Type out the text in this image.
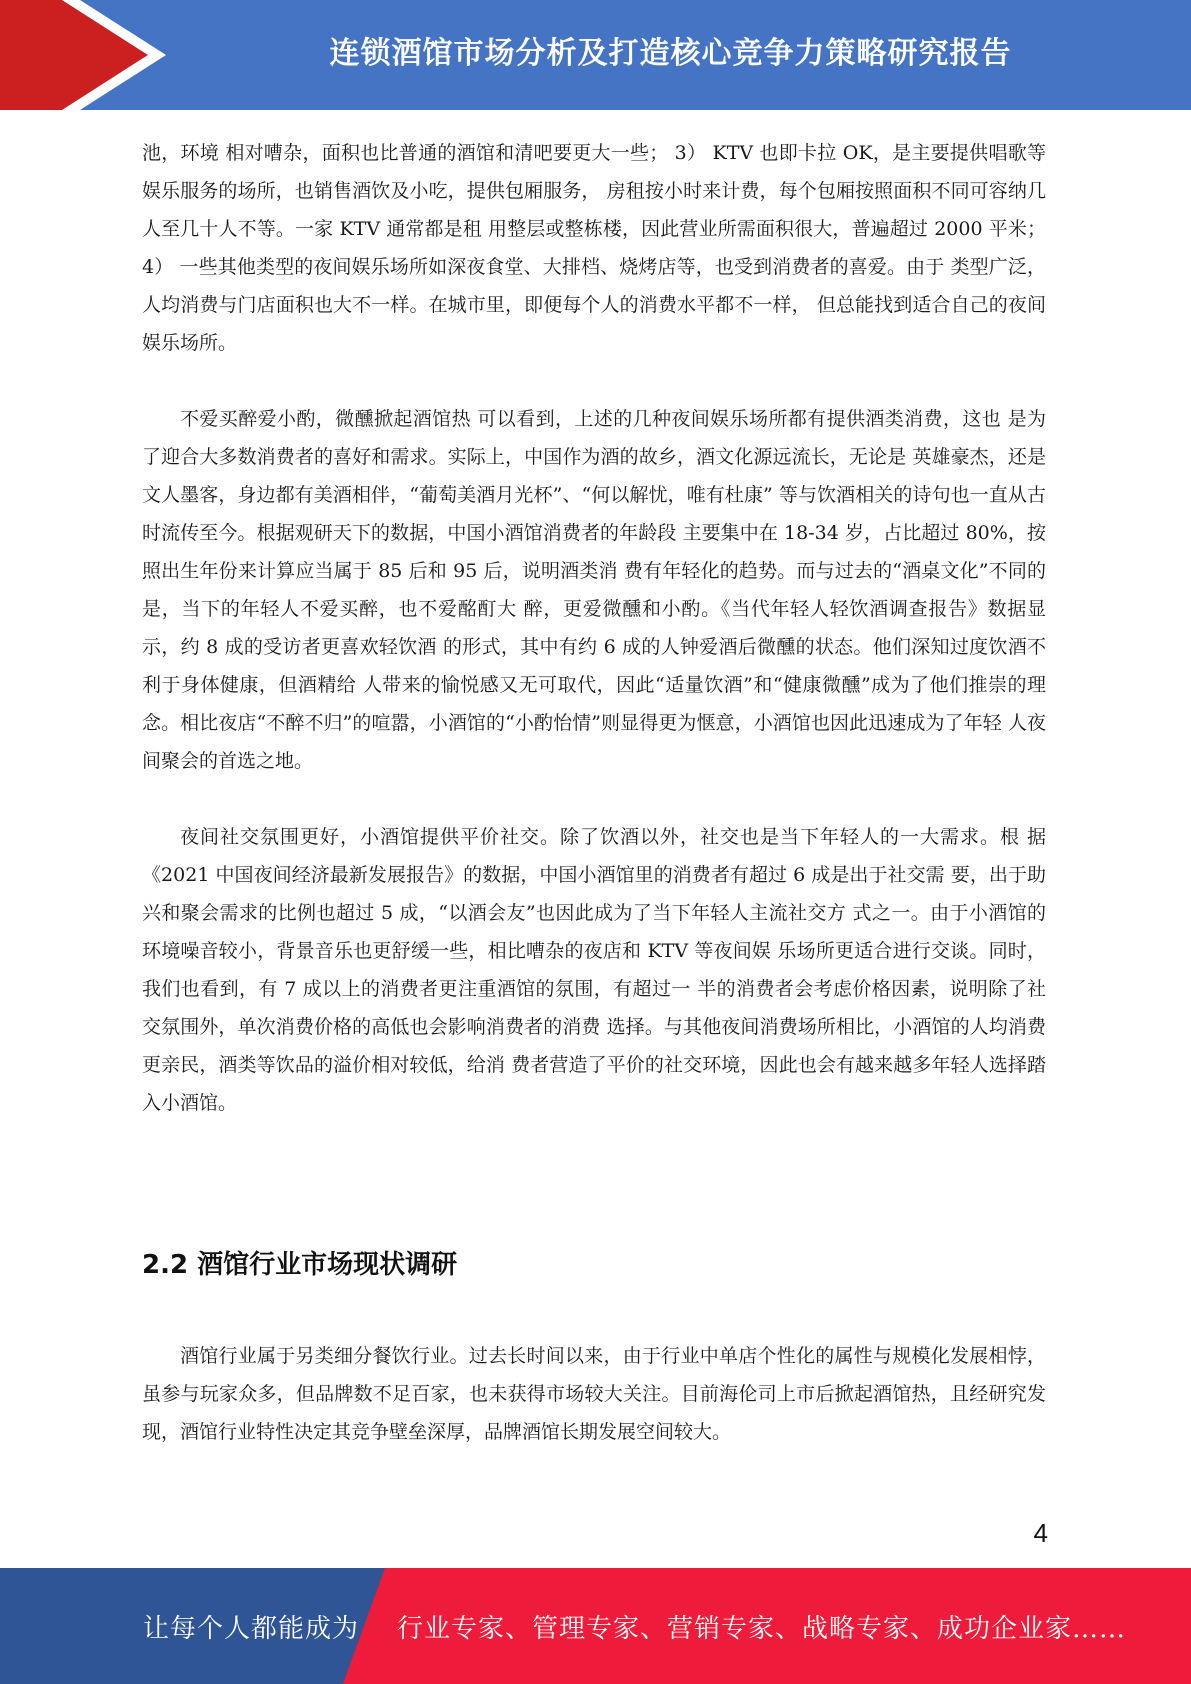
连锁酒馆市场分析及打造核心竞争力策略研究报告

池，环境 相对嘈杂，面积也比普通的酒馆和清吧要更大一些； 3） KTV 也即卡拉 OK，是主要提供唱歌等娱乐服务的场所，也销售酒饮及小吃，提供包厢服务， 房租按小时来计费，每个包厢按照面积不同可容纳几人至几十人不等。一家 KTV 通常都是租 用整层或整栋楼，因此营业所需面积很大，普遍超过 2000 平米； 4） 一些其他类型的夜间娱乐场所如深夜食堂、大排档、烧烤店等，也受到消费者的喜爱。由于 类型广泛，人均消费与门店面积也大不一样。在城市里，即便每个人的消费水平都不一样， 但总能找到适合自己的夜间娱乐场所。

不爱买醉爱小酌，微醺掀起酒馆热 可以看到，上述的几种夜间娱乐场所都有提供酒类消费，这也 是为了迎合大多数消费者的喜好和需求。实际上，中国作为酒的故乡，酒文化源远流长，无论是 英雄豪杰，还是文人墨客，身边都有美酒相伴，“葡萄美酒月光杯”、“何以解忧，唯有杜康” 等与饮酒相关的诗句也一直从古时流传至今。根据观研天下的数据，中国小酒馆消费者的年龄段 主要集中在 18-34 岁，占比超过 80%，按照出生年份来计算应当属于 85 后和 95 后，说明酒类消 费有年轻化的趋势。而与过去的“酒桌文化”不同的是，当下的年轻人不爱买醉，也不爱酩酊大 醉，更爱微醺和小酌。《当代年轻人轻饮酒调查报告》数据显示，约 8 成的受访者更喜欢轻饮酒 的形式，其中有约 6 成的人钟爱酒后微醺的状态。他们深知过度饮酒不利于身体健康，但酒精给 人带来的愉悦感又无可取代，因此“适量饮酒”和“健康微醺”成为了他们推崇的理念。相比夜店“不醉不归”的喧嚣，小酒馆的“小酌怡情”则显得更为惬意，小酒馆也因此迅速成为了年轻 人夜间聚会的首选之地。

夜间社交氛围更好，小酒馆提供平价社交。除了饮酒以外，社交也是当下年轻人的一大需求。根 据《2021 中国夜间经济最新发展报告》的数据，中国小酒馆里的消费者有超过 6 成是出于社交需 要，出于助兴和聚会需求的比例也超过 5 成，“以酒会友”也因此成为了当下年轻人主流社交方 式之一。由于小酒馆的环境噪音较小，背景音乐也更舒缓一些，相比嘈杂的夜店和 KTV 等夜间娱 乐场所更适合进行交谈。同时，我们也看到，有 7 成以上的消费者更注重酒馆的氛围，有超过一 半的消费者会考虑价格因素，说明除了社交氛围外，单次消费价格的高低也会影响消费者的消费 选择。与其他夜间消费场所相比，小酒馆的人均消费更亲民，酒类等饮品的溢价相对较低，给消 费者营造了平价的社交环境，因此也会有越来越多年轻人选择踏入小酒馆。

2.2 酒馆行业市场现状调研

酒馆行业属于另类细分餐饮行业。过去长时间以来，由于行业中单店个性化的属性与规模化发展相悖，虽参与玩家众多，但品牌数不足百家，也未获得市场较大关注。目前海伦司上市后掀起酒馆热，且经研究发现，酒馆行业特性决定其竞争壁垒深厚，品牌酒馆长期发展空间较大。

4
让每个人都能成为 行业专家、管理专家、营销专家、战略专家、成功企业家……
